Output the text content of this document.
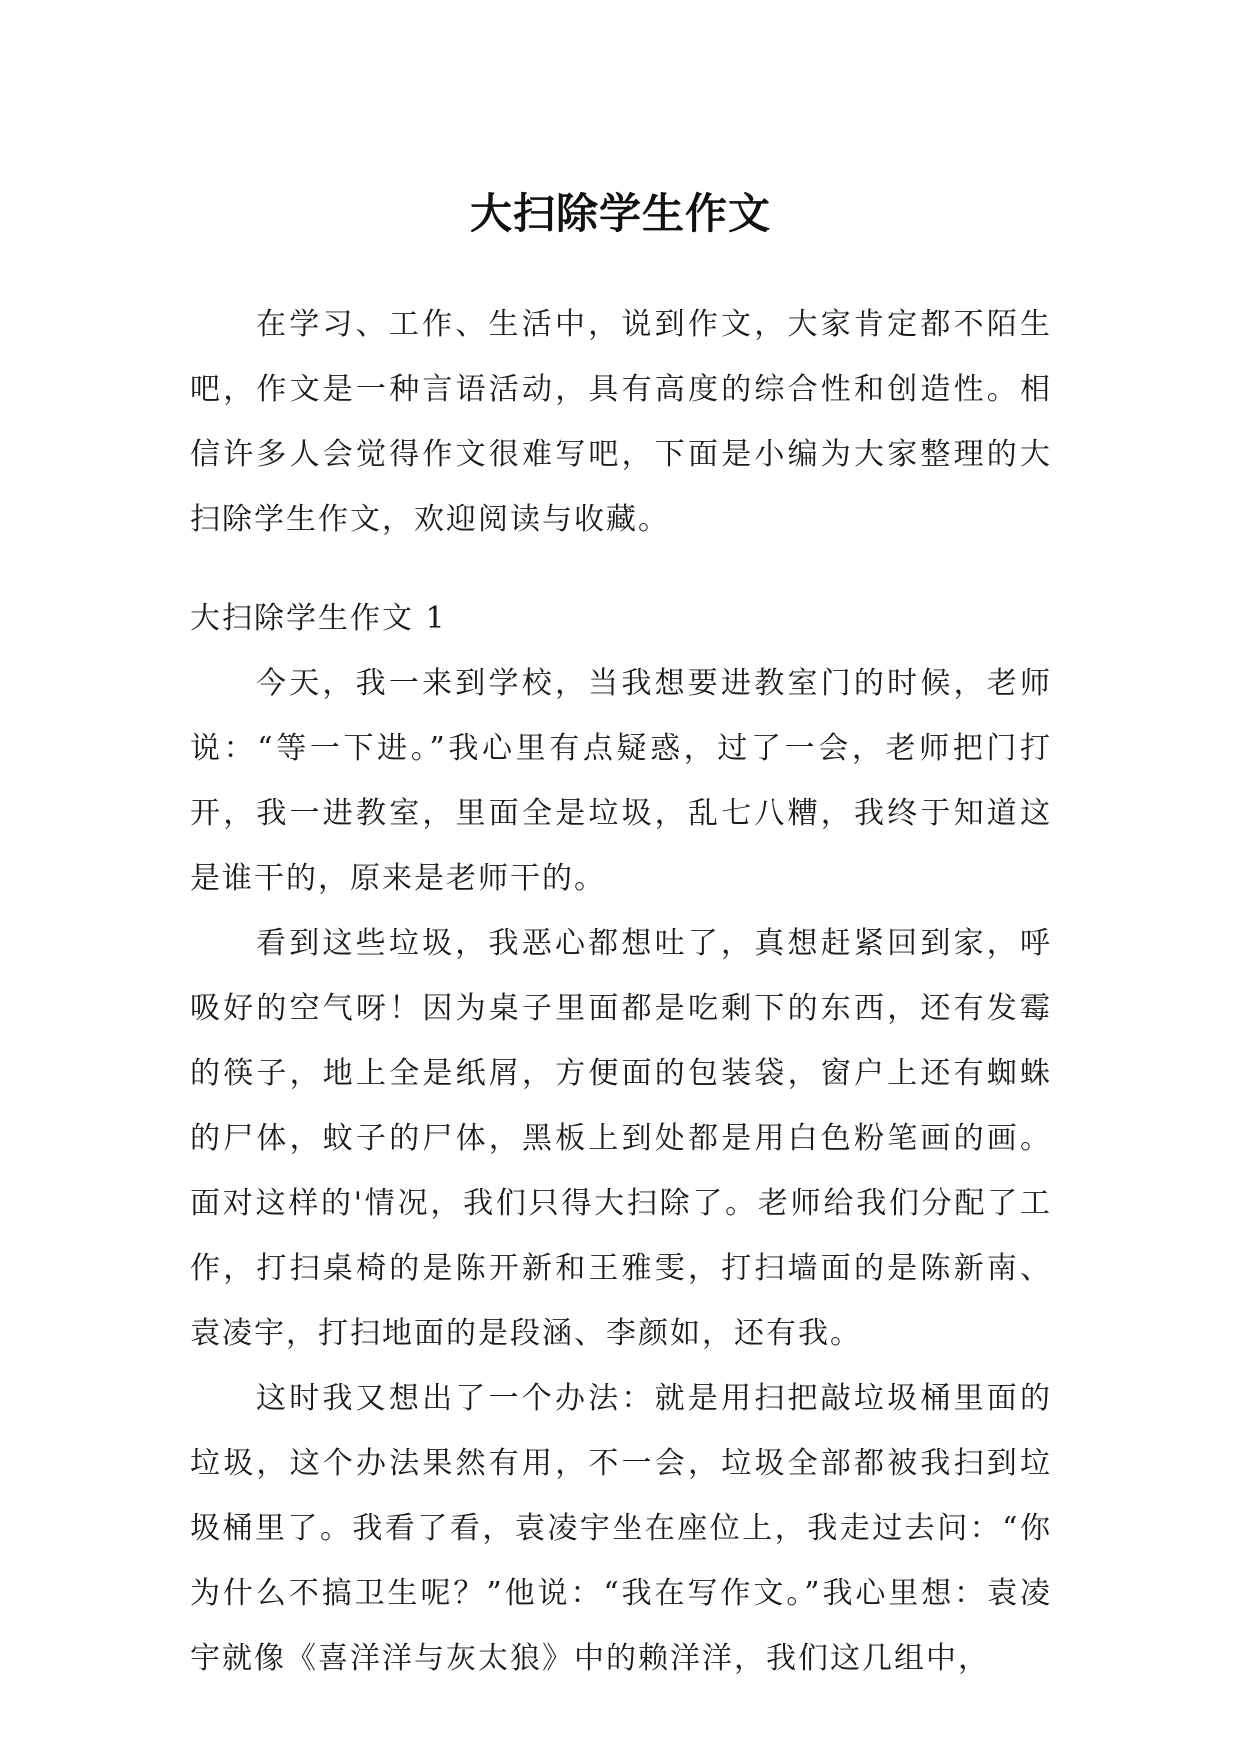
大扫除学生作文

在学习、工作、生活中，说到作文，大家肯定都不陌生吧，作文是一种言语活动，具有高度的综合性和创造性。相信许多人会觉得作文很难写吧，下面是小编为大家整理的大扫除学生作文，欢迎阅读与收藏。

大扫除学生作文 1

今天，我一来到学校，当我想要进教室门的时候，老师说：“等一下进。”我心里有点疑惑，过了一会，老师把门打开，我一进教室，里面全是垃圾，乱七八糟，我终于知道这是谁干的，原来是老师干的。

看到这些垃圾，我恶心都想吐了，真想赶紧回到家，呼吸好的空气呀！因为桌子里面都是吃剩下的东西，还有发霉的筷子，地上全是纸屑，方便面的包装袋，窗户上还有蜘蛛的尸体，蚊子的尸体，黑板上到处都是用白色粉笔画的画。面对这样的'情况，我们只得大扫除了。老师给我们分配了工作，打扫桌椅的是陈开新和王雅雯，打扫墙面的是陈新南、袁凌宇，打扫地面的是段涵、李颜如，还有我。

这时我又想出了一个办法：就是用扫把敲垃圾桶里面的垃圾，这个办法果然有用，不一会，垃圾全部都被我扫到垃圾桶里了。我看了看，袁凌宇坐在座位上，我走过去问：“你为什么不搞卫生呢？”他说：“我在写作文。”我心里想：袁凌宇就像《喜洋洋与灰太狼》中的赖洋洋，我们这几组中，
